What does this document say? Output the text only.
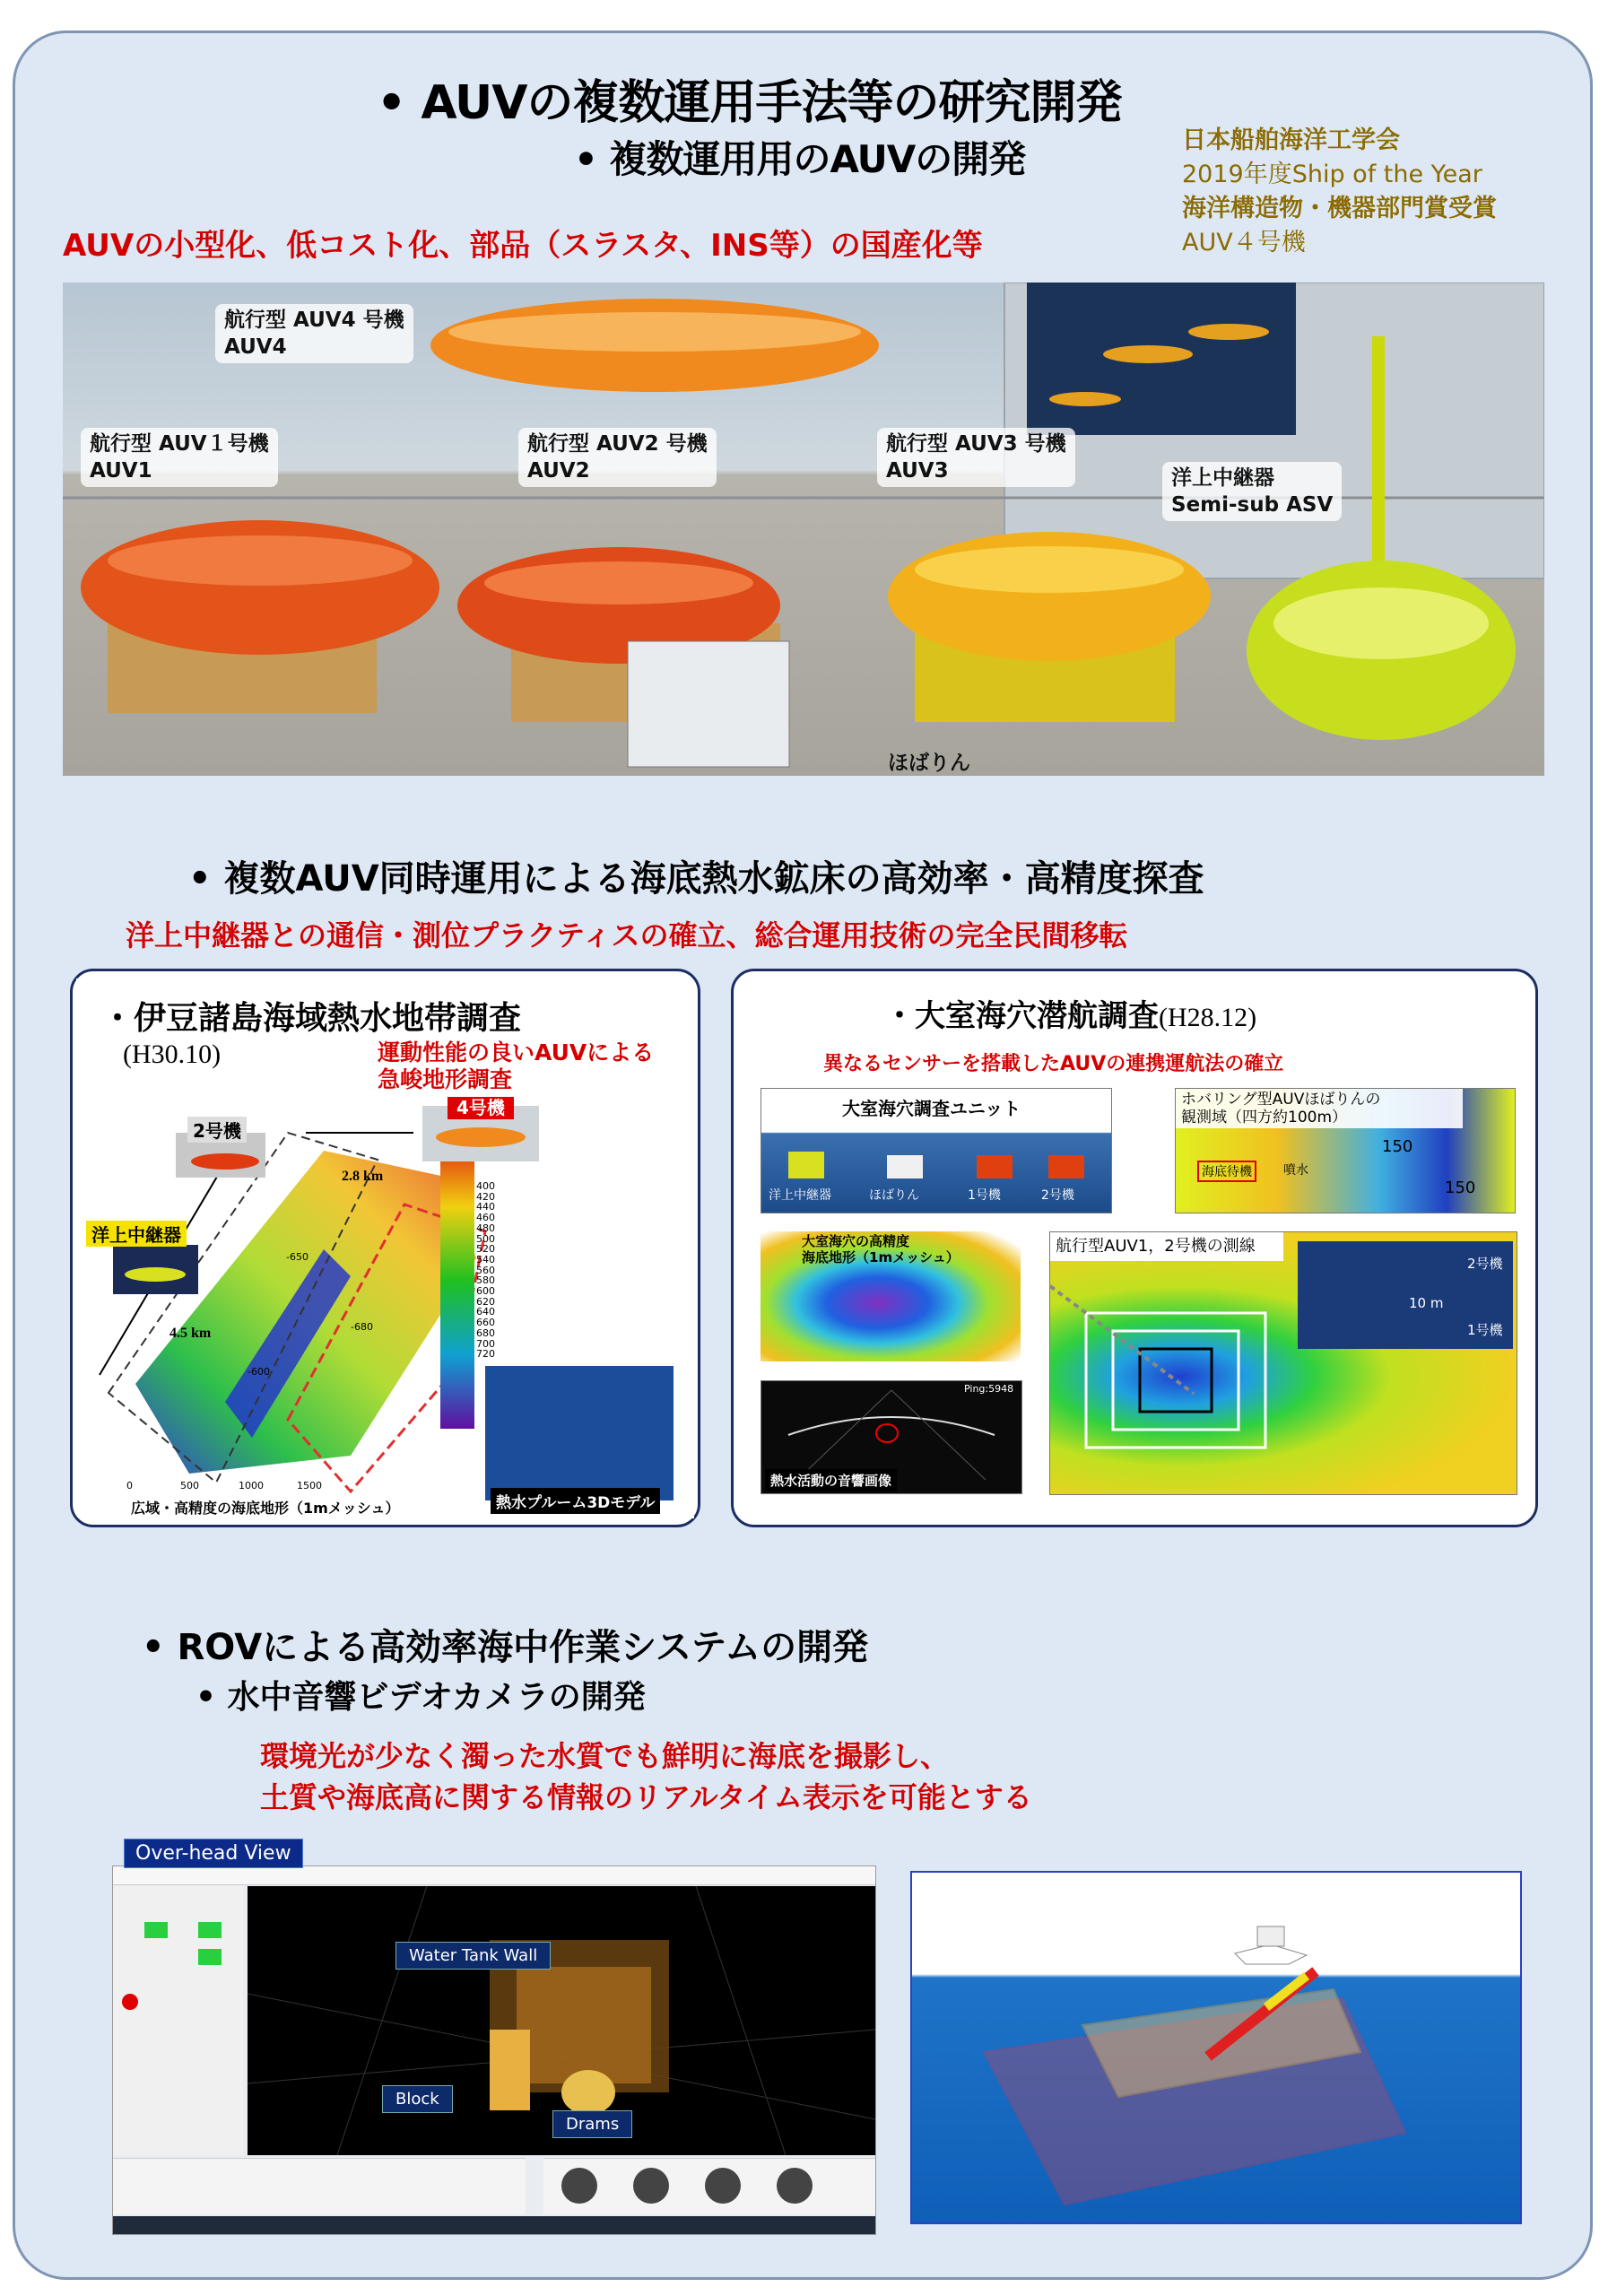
• AUVの複数運用手法等の研究開発
• 複数運用用のAUVの開発	日本船舶海洋工学会
2019年度Ship of the Year
海洋構造物・機器部門賞受賞
AUV４号機
AUVの小型化、低コスト化、部品（スラスタ、INS等）の国産化等
航行型 AUV4 号機
AUV4
航行型 AUV１号機
AUV1
航行型 AUV2 号機
AUV2
航行型 AUV3 号機
AUV3	洋上中継器
Semi-sub ASV
ほばりん
• 複数AUV同時運用による海底熱水鉱床の高効率・高精度探査
洋上中継器との通信・測位プラクティスの確立、総合運用技術の完全民間移転
・伊豆諸島海域熱水地帯調査
(H30.10)	運動性能の良いAUVによる
急峻地形調査
2号機
4号機
洋上中継器
2.8 km
4.5 km
400
420
440
460
480
500
520
540
560
580
600
620
640
660
680
700
720
-650
-680
-600
0	500	1000	1500
広域・高精度の海底地形（1mメッシュ）	熱水プルーム3Dモデル
・大室海穴潜航調査(H28.12)
異なるセンサーを搭載したAUVの連携運航法の確立
大室海穴調査ユニット
洋上中継器	ほばりん	1号機	2号機
ホバリング型AUVほばりんの
観測域（四方約100m）
150
150
海底待機	噴水
大室海穴の高精度
海底地形（1mメッシュ）
航行型AUV1，2号機の測線
2号機
10 m
1号機
Ping:5948
熱水活動の音響画像
• ROVによる高効率海中作業システムの開発
• 水中音響ビデオカメラの開発
環境光が少なく濁った水質でも鮮明に海底を撮影し、
土質や海底高に関する情報のリアルタイム表示を可能とする
Water Tank Wall
Block
Drams
Over-head View
